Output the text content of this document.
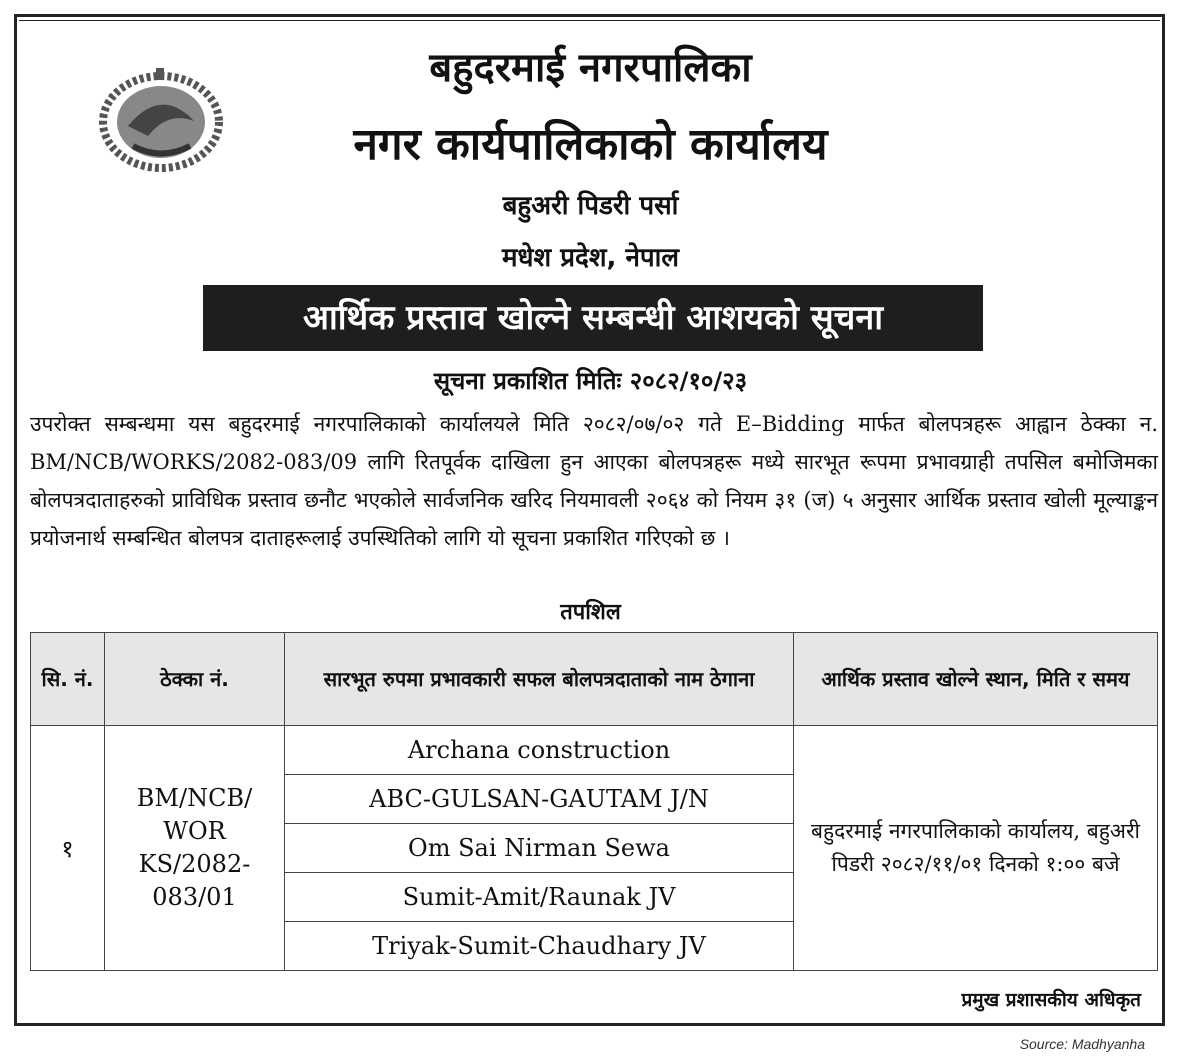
बहुदरमाई नगरपालिका
नगर कार्यपालिकाको कार्यालय
बहुअरी पिडरी पर्सा
मधेश प्रदेश, नेपाल
आर्थिक प्रस्ताव खोल्ने सम्बन्धी आशयको सूचना
सूचना प्रकाशित मितिः २०८२/१०/२३
उपरोक्त सम्बन्धमा यस बहुदरमाई नगरपालिकाको कार्यालयले मिति २०८२/०७/०२ गते E–Bidding मार्फत बोलपत्रहरू आह्वान ठेक्का न. BM/NCB/WORKS/2082-083/09 लागि रितपूर्वक दाखिला हुन आएका बोलपत्रहरू मध्ये सारभूत रूपमा प्रभावग्राही तपसिल बमोजिमका बोलपत्रदाताहरुको प्राविधिक प्रस्ताव छनौट भएकोले सार्वजनिक खरिद नियमावली २०६४ को नियम ३१ (ज) ५ अनुसार आर्थिक प्रस्ताव खोली मूल्याङ्कन प्रयोजनार्थ सम्बन्धित बोलपत्र दाताहरूलाई उपस्थितिको लागि यो सूचना प्रकाशित गरिएको छ ।
तपशिल
सि. नं.	ठेक्का नं.	सारभूत रुपमा प्रभावकारी सफल बोलपत्रदाताको नाम ठेगाना	आर्थिक प्रस्ताव खोल्ने स्थान, मिति र समय
१	BM/NCB/ WOR KS/2082- 083/01	Archana construction	बहुदरमाई नगरपालिकाको कार्यालय, बहुअरी पिडरी २०८२/११/०१ दिनको १:०० बजे
		ABC-GULSAN-GAUTAM J/N	
		Om Sai Nirman Sewa	
		Sumit-Amit/Raunak JV	
		Triyak-Sumit-Chaudhary JV	
प्रमुख प्रशासकीय अधिकृत
Source: Madhyanha
